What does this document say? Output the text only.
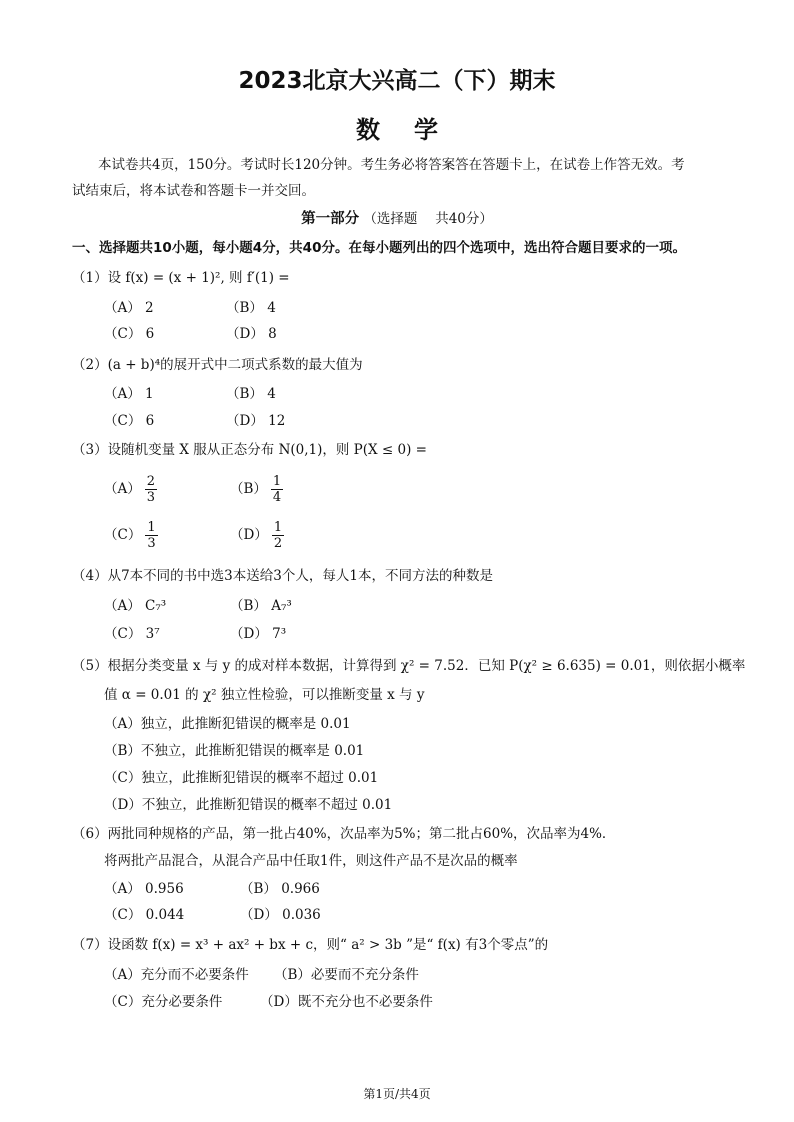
2023北京大兴高二（下）期末
数学
本试卷共4页，150分。考试时长120分钟。考生务必将答案答在答题卡上，在试卷上作答无效。考
试结束后，将本试卷和答题卡一并交回。
第一部分 （选择题　 共40分）
一、选择题共10小题，每小题4分，共40分。在每小题列出的四个选项中，选出符合题目要求的一项。
（1）设 f(x) = (x + 1)², 则 f′(1) =
（A） 2	（B） 4
（C） 6	（D） 8
（2）(a + b)⁴的展开式中二项式系数的最大值为
（A） 1	（B） 4
（C） 6	（D） 12
（3）设随机变量 X 服从正态分布 N(0,1)，则 P(X ≤ 0) =
$(A) \frac{2}{3}$	$(B) \frac{1}{4}$
$(C) \frac{1}{3}$	$(D) \frac{1}{2}$
（4）从7本不同的书中选3本送给3个人，每人1本，不同方法的种数是
（A） C₇³	（B） A₇³
（C） 3⁷	（D） 7³
（5）根据分类变量 x 与 y 的成对样本数据，计算得到 χ² = 7.52．已知 P(χ² ≥ 6.635) = 0.01，则依据小概率
值 α = 0.01 的 χ² 独立性检验，可以推断变量 x 与 y
（A）独立，此推断犯错误的概率是 0.01
（B）不独立，此推断犯错误的概率是 0.01
（C）独立，此推断犯错误的概率不超过 0.01
（D）不独立，此推断犯错误的概率不超过 0.01
（6）两批同种规格的产品，第一批占40%，次品率为5%；第二批占60%，次品率为4%．
将两批产品混合，从混合产品中任取1件，则这件产品不是次品的概率
（A） 0.956	（B） 0.966
（C） 0.044	（D） 0.036
（7）设函数 f(x) = x³ + ax² + bx + c，则“ a² > 3b ”是“ f(x) 有3个零点”的
（A）充分而不必要条件 （B）必要而不充分条件
（C）充分必要条件	（D）既不充分也不必要条件
第1页/共4页
